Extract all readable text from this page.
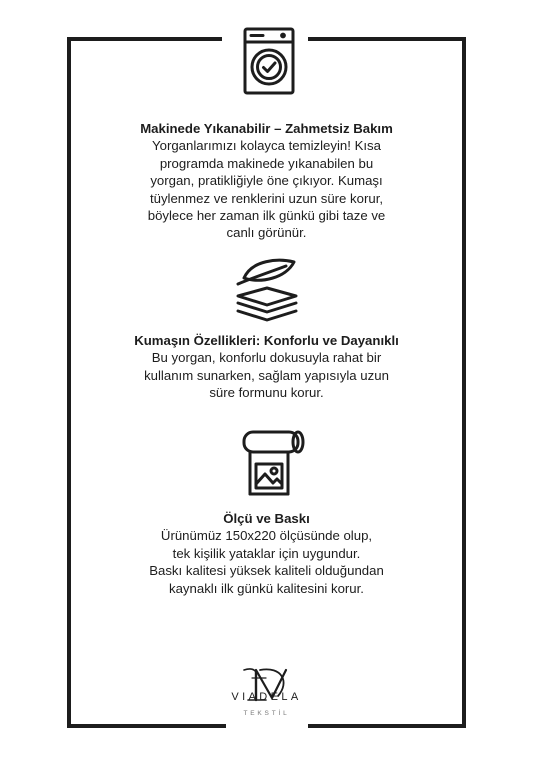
Makinede Yıkanabilir – Zahmetsiz Bakım
Yorganlarımızı kolayca temizleyin! Kısa
programda makinede yıkanabilen bu
yorgan, pratikliğiyle öne çıkıyor. Kumaşı
tüylenmez ve renklerini uzun süre korur,
böylece her zaman ilk günkü gibi taze ve
canlı görünür.
Kumaşın Özellikleri: Konforlu ve Dayanıklı
Bu yorgan, konforlu dokusuyla rahat bir
kullanım sunarken, sağlam yapısıyla uzun
süre formunu korur.
Ölçü ve Baskı
Ürünümüz 150x220 ölçüsünde olup,
tek kişilik yataklar için uygundur.
Baskı kalitesi yüksek kaliteli olduğundan
kaynaklı ilk günkü kalitesini korur.
VIADELA
TEKSTİL
